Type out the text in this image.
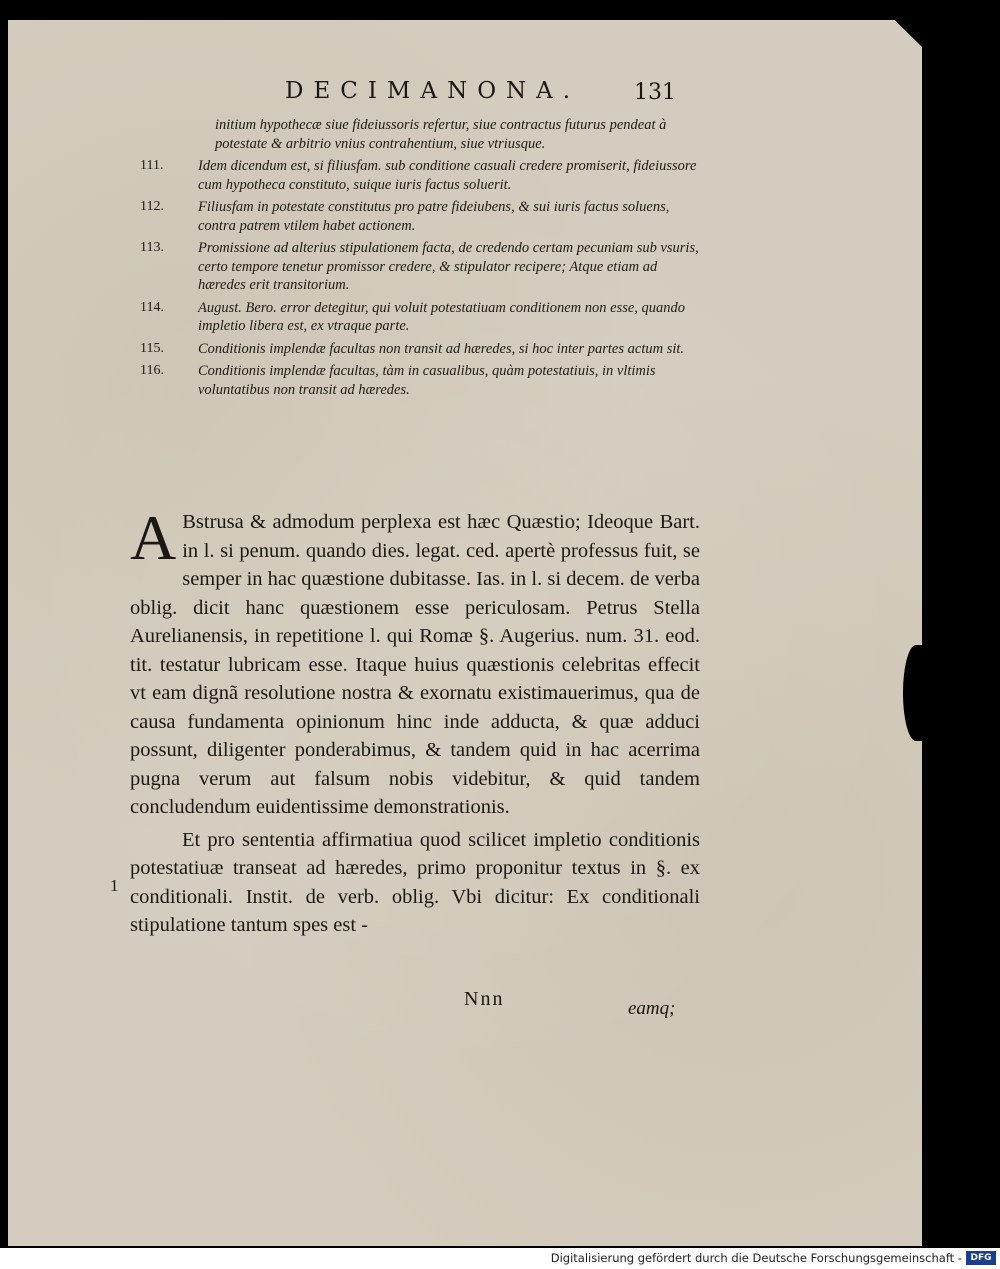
DECIMANONA. 131
initium hypothecæ siue fideiussoris refertur, siue contractus futurus pendeat à potestate & arbitrio vnius contrahentium, siue vtriusque.
111. Idem dicendum est, si filiusfam. sub conditione casuali credere promiserit, fideiussore cum hypotheca constituto, suique iuris factus soluerit.
112. Filiusfam in potestate constitutus pro patre fideiubens, & sui iuris factus soluens, contra patrem vtilem habet actionem.
113. Promissione ad alterius stipulationem facta, de credendo certam pecuniam sub vsuris, certo tempore tenetur promissor credere, & stipulator recipere; Atque etiam ad hæredes erit transitorium.
114. August. Bero. error detegitur, qui voluit potestatiuam conditionem non esse, quando impletio libera est, ex vtraque parte.
115. Conditionis implendæ facultas non transit ad hæredes, si hoc inter partes actum sit.
116. Conditionis implendæ facultas, tàm in casualibus, quàm potestatiuis, in vltimis voluntatibus non transit ad hæredes.

A Bstrusa & admodum perplexa est hæc Quæstio; Ideoque Bart. in l. si penum. quando dies. legat. ced. apertè professus fuit, se semper in hac quæstione dubitasse. Ias. in l. si decem. de verba oblig. dicit hanc quæstionem esse periculosam. Petrus Stella Aurelianensis, in repetitione l. qui Romæ §. Augerius. num. 31. eod. tit. testatur lubricam esse. Itaque huius quæstionis celebritas effecit vt eam dignã resolutione nostra & exornatu existimauerimus, qua de causa fundamenta opinionum hinc inde adducta, & quæ adduci possunt, diligenter ponderabimus, & tandem quid in hac acerrima pugna verum aut falsum nobis videbitur, & quid tandem concludendum euidentissime demonstrationis.

Et pro sententia affirmatiua quod scilicet impletio conditionis potestatiuæ transeat ad hæredes, primo proponitur textus in §. ex conditionali. Instit. de verb. oblig. Vbi dicitur: Ex conditionali stipulatione tantum spes est -

1
Nnn	eamq;
Digitalisierung gefördert durch die Deutsche Forschungsgemeinschaft - DFG
